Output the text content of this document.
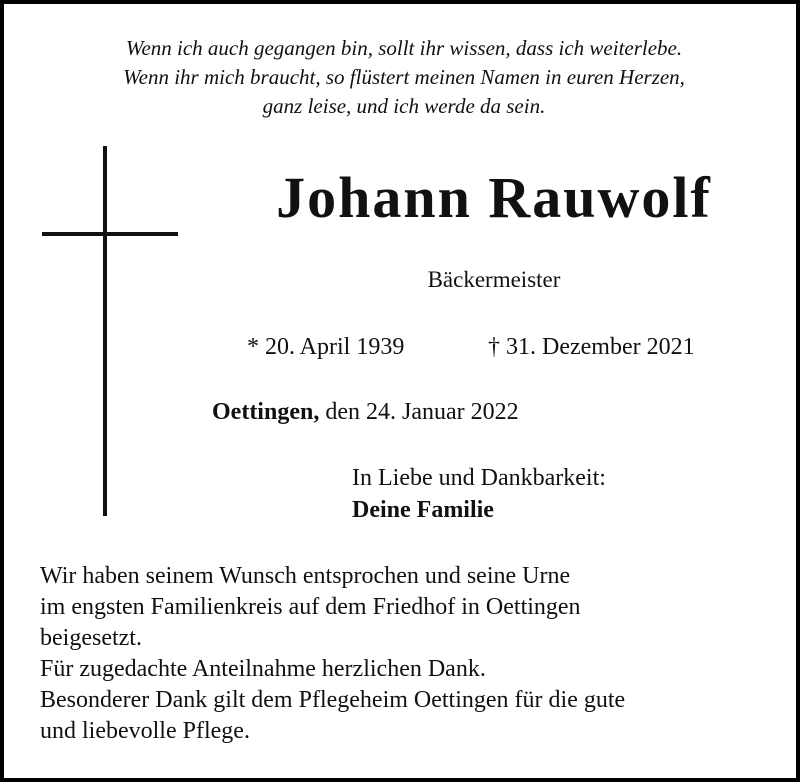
Wenn ich auch gegangen bin, sollt ihr wissen, dass ich weiterlebe.
Wenn ihr mich braucht, so flüstert meinen Namen in euren Herzen,
ganz leise, und ich werde da sein.
Johann Rauwolf
Bäckermeister
* 20. April 1939	† 31. Dezember 2021
Oettingen, den 24. Januar 2022
In Liebe und Dankbarkeit:
Deine Familie
Wir haben seinem Wunsch entsprochen und seine Urne
im engsten Familienkreis auf dem Friedhof in Oettingen
beigesetzt.
Für zugedachte Anteilnahme herzlichen Dank.
Besonderer Dank gilt dem Pflegeheim Oettingen für die gute
und liebevolle Pflege.
